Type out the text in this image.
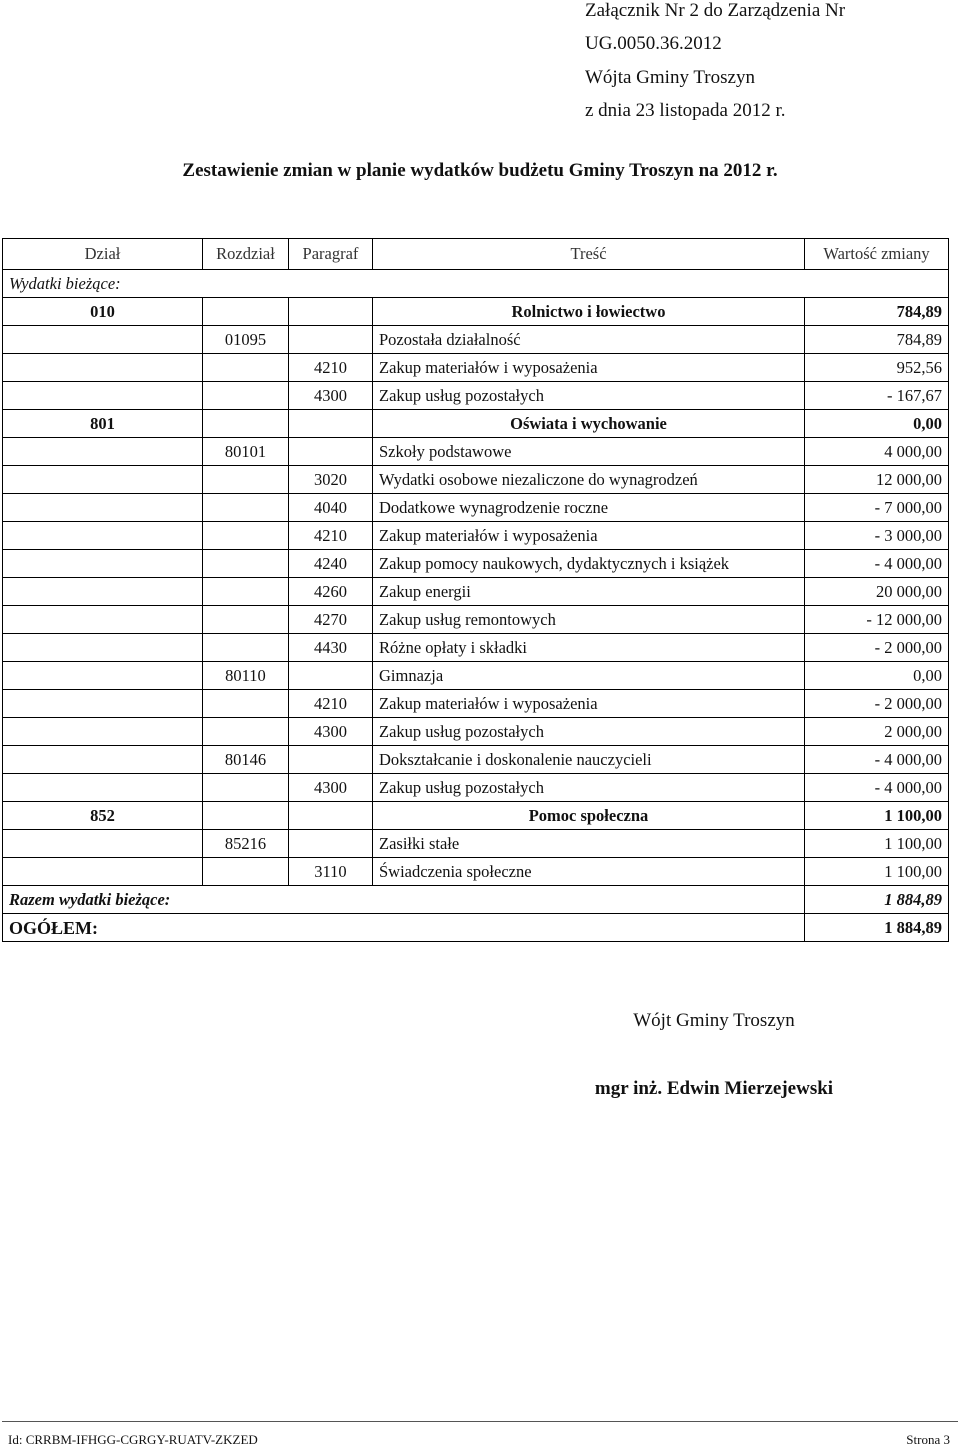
Załącznik Nr 2 do Zarządzenia Nr
UG.0050.36.2012
Wójta Gminy Troszyn
z dnia 23 listopada 2012 r.
Zestawienie zmian w planie wydatków budżetu Gminy Troszyn na 2012 r.
Dział	Rozdział	Paragraf	Treść	Wartość zmiany
Wydatki bieżące:				
010			Rolnictwo i łowiectwo	784,89
	01095		Pozostała działalność	784,89
		4210	Zakup materiałów i wyposażenia	952,56
		4300	Zakup usług pozostałych	- 167,67
801			Oświata i wychowanie	0,00
	80101		Szkoły podstawowe	4 000,00
		3020	Wydatki osobowe niezaliczone do wynagrodzeń	12 000,00
		4040	Dodatkowe wynagrodzenie roczne	- 7 000,00
		4210	Zakup materiałów i wyposażenia	- 3 000,00
		4240	Zakup pomocy naukowych, dydaktycznych i książek	- 4 000,00
		4260	Zakup energii	20 000,00
		4270	Zakup usług remontowych	- 12 000,00
		4430	Różne opłaty i składki	- 2 000,00
	80110		Gimnazja	0,00
		4210	Zakup materiałów i wyposażenia	- 2 000,00
		4300	Zakup usług pozostałych	2 000,00
	80146		Dokształcanie i doskonalenie nauczycieli	- 4 000,00
		4300	Zakup usług pozostałych	- 4 000,00
852			Pomoc społeczna	1 100,00
	85216		Zasiłki stałe	1 100,00
		3110	Świadczenia społeczne	1 100,00
Razem wydatki bieżące:				1 884,89
OGÓŁEM:				1 884,89
Wójt Gminy Troszyn
mgr inż. Edwin Mierzejewski
Id: CRRBM-IFHGG-CGRGY-RUATV-ZKZED	Strona 3
